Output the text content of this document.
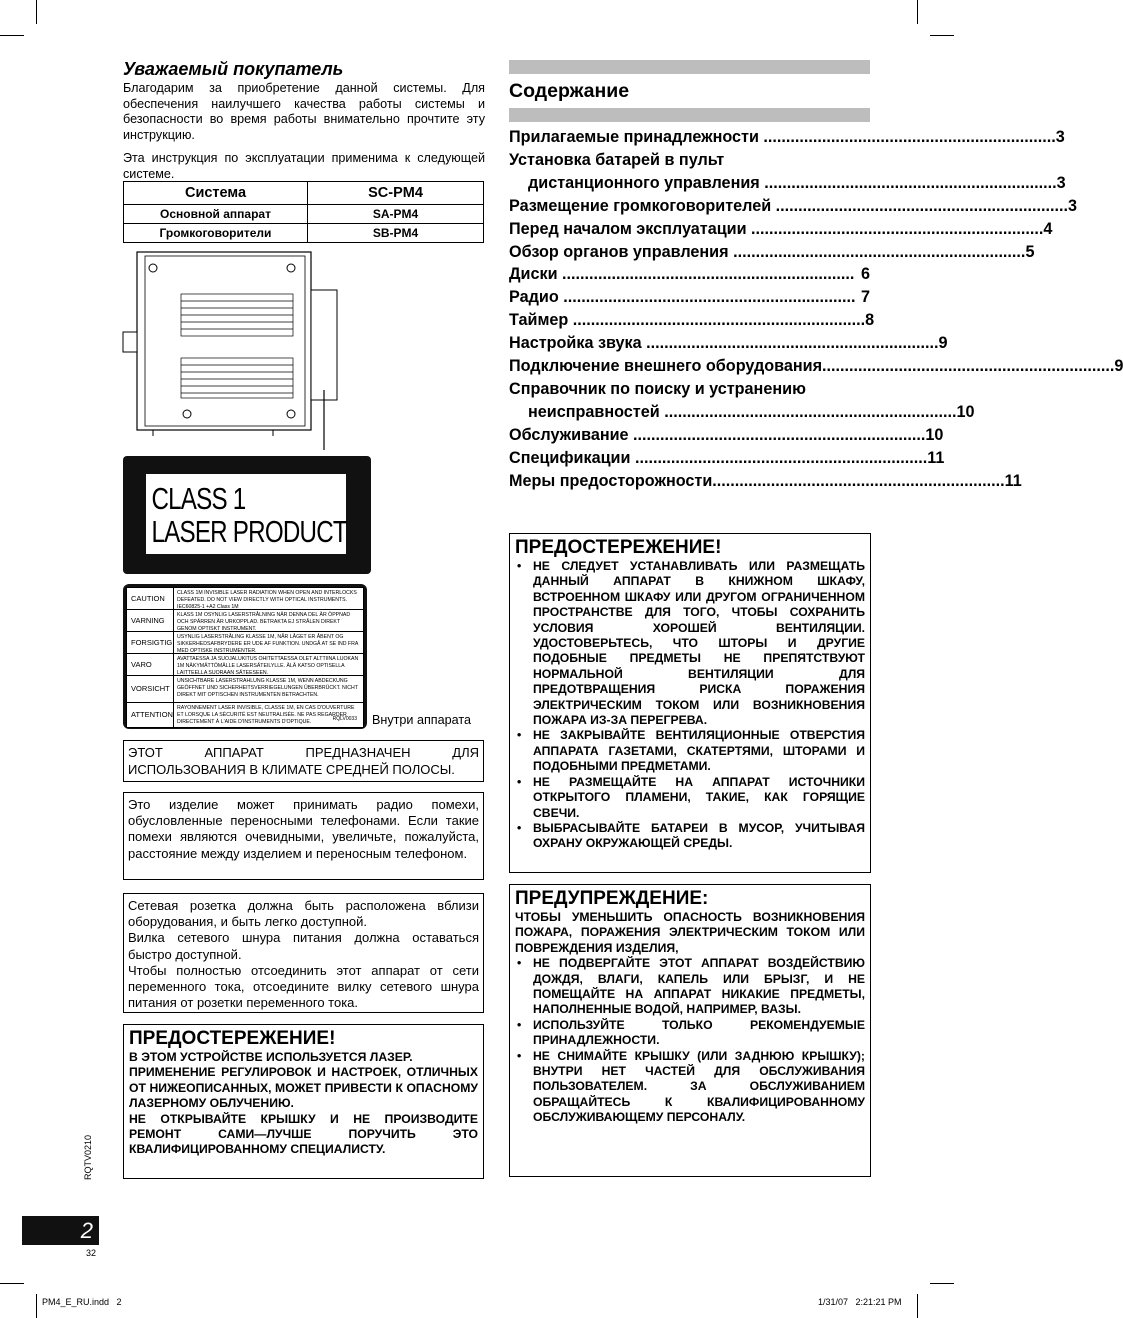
Уважаемый покупатель
Благодарим за приобретение данной системы. Для обеспечения наилучшего качества работы системы и безопасности во время работы внимательно прочтите эту инструкцию.
Эта инструкция по эксплуатации применима к следующей системе.
Система	SC-PM4
Основной аппарат	SA-PM4
Громкоговорители	SB-PM4
CLASS 1
LASER PRODUCT
CAUTION
CLASS 1M INVISIBLE LASER RADIATION WHEN OPEN AND INTERLOCKS DEFEATED. DO NOT VIEW DIRECTLY WITH OPTICAL INSTRUMENTS. IEC60825-1 +A2 Class 1M
VARNING
KLASS 1M OSYNLIG LASERSTRÅLNING NÄR DENNA DEL ÄR ÖPPNAD OCH SPÄRREN ÄR URKOPPLAD. BETRAKTA EJ STRÅLEN DIREKT GENOM OPTISKT INSTRUMENT.
FORSIGTIG
USYNLIG LASERSTRÅLING KLASSE 1M, NÅR LÅGET ER ÅBENT OG SIKKERHEDSAFBRYDERE ER UDE AF FUNKTION. UNDGÅ AT SE IND FRA MED OPTISKE INSTRUMENTER.
VARO
AVATTAESSA JA SUOJALUKITUS OHITETTAESSA OLET ALTTIINA LUOKAN 1M NÄKYMÄTTÖMÄLLE LASERSÄTEILYLLE. ÄLÄ KATSO OPTISELLA LAITTEELLA SUORAAN SÄTEESEEN.
VORSICHT
UNSICHTBARE LASERSTRAHLUNG KLASSE 1M, WENN ABDECKUNG GEÖFFNET UND SICHERHEITSVERRIEGELUNGEN ÜBERBRÜCKT. NICHT DIREKT MIT OPTISCHEN INSTRUMENTEN BETRACHTEN.
ATTENTION
RAYONNEMENT LASER INVISIBLE, CLASSE 1M, EN CAS D'OUVERTURE ET LORSQUE LA SÉCURITÉ EST NEUTRALISÉE. NE PAS REGARDER DIRECTEMENT À L'AIDE D'INSTRUMENTS D'OPTIQUE.	RQLV0033 Внутри аппарата
ЭТОТ АППАРАТ ПРЕДНАЗНАЧЕН ДЛЯ ИСПОЛЬЗОВАНИЯ В КЛИМАТЕ СРЕДНЕЙ ПОЛОСЫ.
Это изделие может принимать радио помехи, обусловленные переносными телефонами. Если такие помехи являются очевидными, увеличьте, пожалуйста, расстояние между изделием и переносным телефоном.
Сетевая розетка должна быть расположена вблизи оборудования, и быть легко доступной.
Вилка сетевого шнура питания должна оставаться быстро доступной.
Чтобы полностью отсоединить этот аппарат от сети переменного тока, отсоедините вилку сетевого шнура питания от розетки переменного тока.
ПРЕДОСТЕРЕЖЕНИЕ!
В ЭТОМ УСТРОЙСТВЕ ИСПОЛЬЗУЕТСЯ ЛАЗЕР.
ПРИМЕНЕНИЕ РЕГУЛИРОВОК И НАСТРОЕК, ОТЛИЧНЫХ ОТ НИЖЕОПИСАННЫХ, МОЖЕТ ПРИВЕСТИ К ОПАСНОМУ ЛАЗЕРНОМУ ОБЛУЧЕНИЮ.
НЕ ОТКРЫВАЙТЕ КРЫШКУ И НЕ ПРОИЗВОДИТЕ РЕМОНТ САМИ—ЛУЧШЕ ПОРУЧИТЬ ЭТО КВАЛИФИЦИРОВАННОМУ СПЕЦИАЛИСТУ.
Содержание
Прилагаемые принадлежности ................................................................. 3
Установка батарей в пульт
дистанционного управления ................................................................. 3
Размещение громкоговорителей ................................................................. 3
Перед началом эксплуатации ................................................................. 4
Обзор органов управления ................................................................. 5
Диски ................................................................. 6
Радио ................................................................. 7
Таймер ................................................................. 8
Настройка звука ................................................................. 9
Подключение внешнего оборудования ................................................................. 9
Справочник по поиску и устранению
неисправностей ................................................................. 10
Обслуживание ................................................................. 10
Спецификации ................................................................. 11
Меры предосторожности ................................................................. 11
ПРЕДОСТЕРЕЖЕНИЕ!
• НЕ СЛЕДУЕТ УСТАНАВЛИВАТЬ ИЛИ РАЗМЕЩАТЬ ДАННЫЙ АППАРАТ В КНИЖНОМ ШКАФУ, ВСТРОЕННОМ ШКАФУ ИЛИ ДРУГОМ ОГРАНИЧЕННОМ ПРОСТРАНСТВЕ ДЛЯ ТОГО, ЧТОБЫ СОХРАНИТЬ УСЛОВИЯ ХОРОШЕЙ ВЕНТИЛЯЦИИ. УДОСТОВЕРЬТЕСЬ, ЧТО ШТОРЫ И ДРУГИЕ ПОДОБНЫЕ ПРЕДМЕТЫ НЕ ПРЕПЯТСТВУЮТ НОРМАЛЬНОЙ ВЕНТИЛЯЦИИ ДЛЯ ПРЕДОТВРАЩЕНИЯ РИСКА ПОРАЖЕНИЯ ЭЛЕКТРИЧЕСКИМ ТОКОМ ИЛИ ВОЗНИКНОВЕНИЯ ПОЖАРА ИЗ-ЗА ПЕРЕГРЕВА.
• НЕ ЗАКРЫВАЙТЕ ВЕНТИЛЯЦИОННЫЕ ОТВЕРСТИЯ АППАРАТА ГАЗЕТАМИ, СКАТЕРТЯМИ, ШТОРАМИ И ПОДОБНЫМИ ПРЕДМЕТАМИ.
• НЕ РАЗМЕЩАЙТЕ НА АППАРАТ ИСТОЧНИКИ ОТКРЫТОГО ПЛАМЕНИ, ТАКИЕ, КАК ГОРЯЩИЕ СВЕЧИ.
• ВЫБРАСЫВАЙТЕ БАТАРЕИ В МУСОР, УЧИТЫВАЯ ОХРАНУ ОКРУЖАЮЩЕЙ СРЕДЫ.
ПРЕДУПРЕЖДЕНИЕ:
ЧТОБЫ УМЕНЬШИТЬ ОПАСНОСТЬ ВОЗНИКНОВЕНИЯ ПОЖАРА, ПОРАЖЕНИЯ ЭЛЕКТРИЧЕСКИМ ТОКОМ ИЛИ ПОВРЕЖДЕНИЯ ИЗДЕЛИЯ,
• НЕ ПОДВЕРГАЙТЕ ЭТОТ АППАРАТ ВОЗДЕЙСТВИЮ ДОЖДЯ, ВЛАГИ, КАПЕЛЬ ИЛИ БРЫЗГ, И НЕ ПОМЕЩАЙТЕ НА АППАРАТ НИКАКИЕ ПРЕДМЕТЫ, НАПОЛНЕННЫЕ ВОДОЙ, НАПРИМЕР, ВАЗЫ.
• ИСПОЛЬЗУЙТЕ ТОЛЬКО РЕКОМЕНДУЕМЫЕ ПРИНАДЛЕЖНОСТИ.
• НЕ СНИМАЙТЕ КРЫШКУ (ИЛИ ЗАДНЮЮ КРЫШКУ); ВНУТРИ НЕТ ЧАСТЕЙ ДЛЯ ОБСЛУЖИВАНИЯ ПОЛЬЗОВАТЕЛЕМ. ЗА ОБСЛУЖИВАНИЕМ ОБРАЩАЙТЕСЬ К КВАЛИФИЦИРОВАННОМУ ОБСЛУЖИВАЮЩЕМУ ПЕРСОНАЛУ.
RQTV0210
2
32
PM4_E_RU.indd   2	1/31/07   2:21:21 PM
